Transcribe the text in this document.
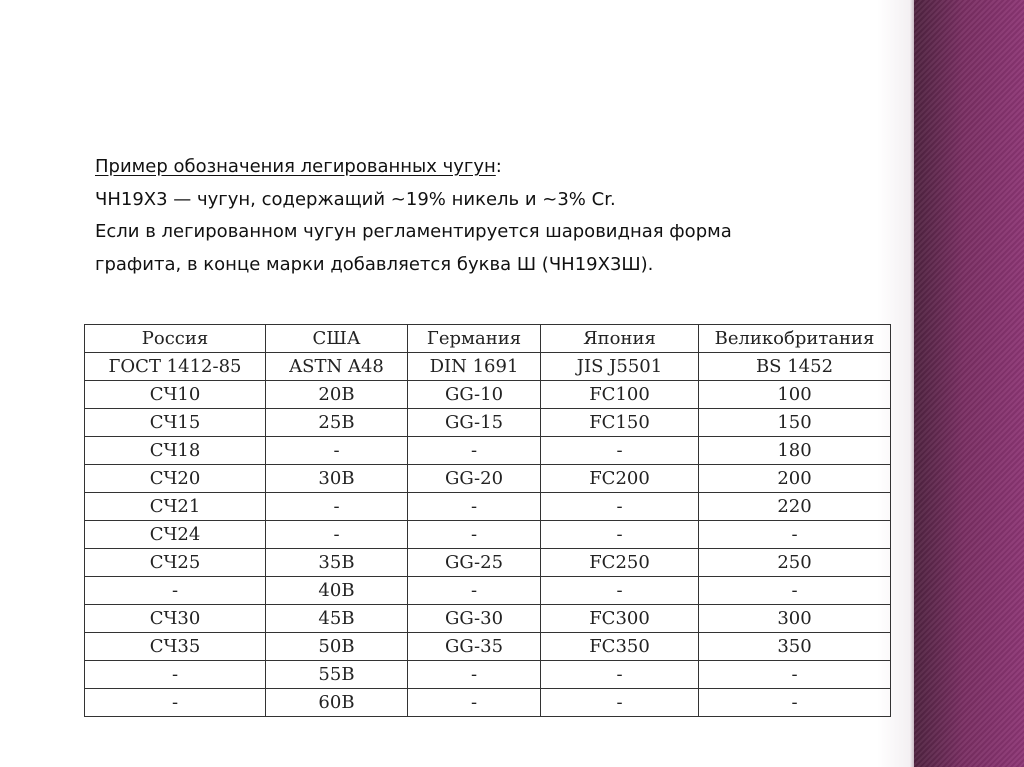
Пример обозначения легированных чугун:
ЧН19Х3 — чугун, содержащий ~19% никель и ~3% Cr.
Если в легированном чугун регламентируется шаровидная форма
графита, в конце марки добавляется буква Ш (ЧН19Х3Ш).
Россия	США	Германия	Япония	Великобритания
ГОСТ 1412-85	ASTN A48	DIN 1691	JIS J5501	BS 1452
СЧ10	20В	GG-10	FC100	100
СЧ15	25В	GG-15	FC150	150
СЧ18	-	-	-	180
СЧ20	30В	GG-20	FC200	200
СЧ21	-	-	-	220
СЧ24	-	-	-	-
СЧ25	35В	GG-25	FC250	250
-	40В	-	-	-
СЧ30	45В	GG-30	FC300	300
СЧ35	50В	GG-35	FC350	350
-	55В	-	-	-
-	60В	-	-	-
